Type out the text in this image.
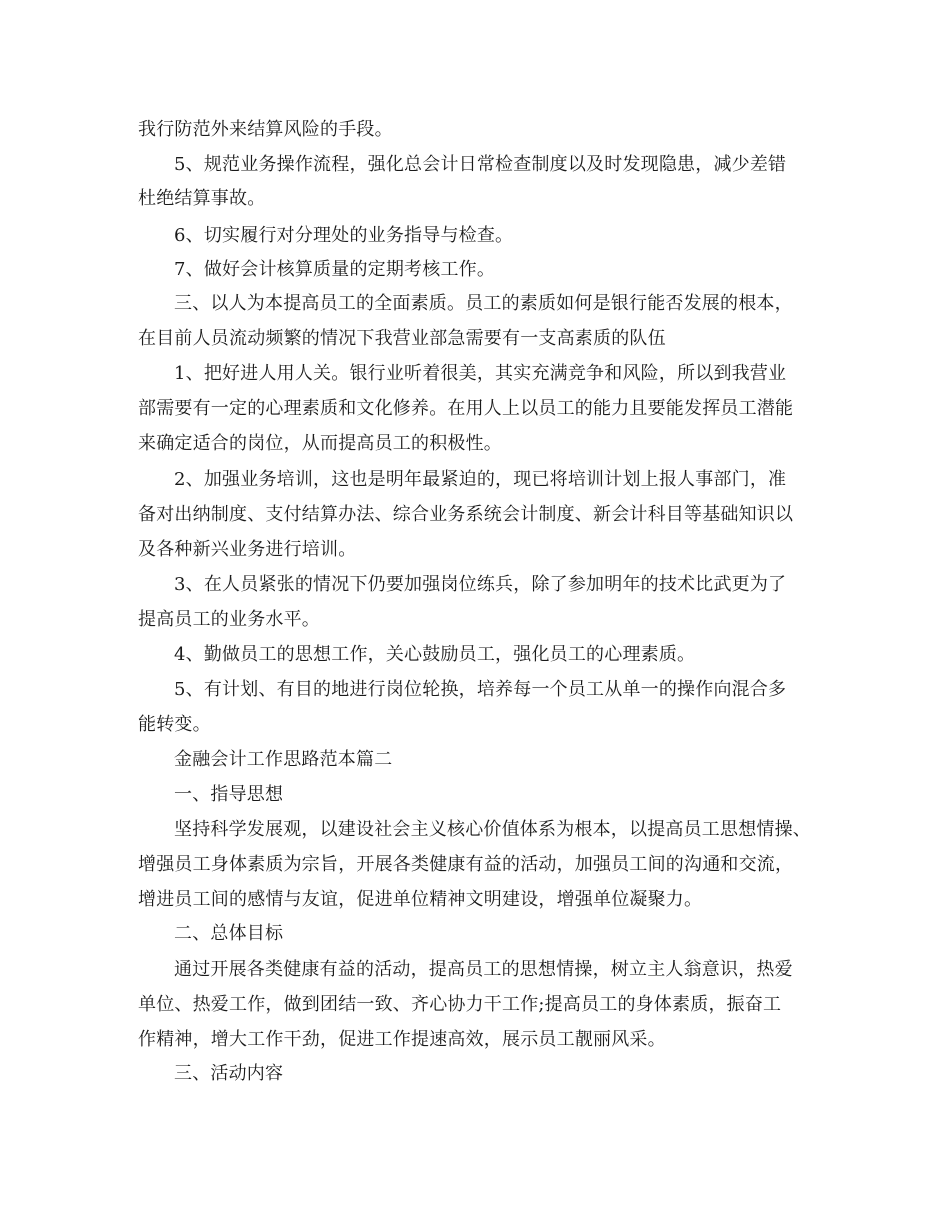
我行防范外来结算风险的手段。
5、规范业务操作流程，强化总会计日常检查制度以及时发现隐患，减少差错
杜绝结算事故。
6、切实履行对分理处的业务指导与检查。
7、做好会计核算质量的定期考核工作。
三、以人为本提高员工的全面素质。员工的素质如何是银行能否发展的根本，
在目前人员流动频繁的情况下我营业部急需要有一支高素质的队伍
1、把好进人用人关。银行业听着很美，其实充满竞争和风险，所以到我营业
部需要有一定的心理素质和文化修养。在用人上以员工的能力且要能发挥员工潜能
来确定适合的岗位，从而提高员工的积极性。
2、加强业务培训，这也是明年最紧迫的，现已将培训计划上报人事部门，准
备对出纳制度、支付结算办法、综合业务系统会计制度、新会计科目等基础知识以
及各种新兴业务进行培训。
3、在人员紧张的情况下仍要加强岗位练兵，除了参加明年的技术比武更为了
提高员工的业务水平。
4、勤做员工的思想工作，关心鼓励员工，强化员工的心理素质。
5、有计划、有目的地进行岗位轮换，培养每一个员工从单一的操作向混合多
能转变。
金融会计工作思路范本篇二
一、指导思想
坚持科学发展观，以建设社会主义核心价值体系为根本，以提高员工思想情操、
增强员工身体素质为宗旨，开展各类健康有益的活动，加强员工间的沟通和交流，
增进员工间的感情与友谊，促进单位精神文明建设，增强单位凝聚力。
二、总体目标
通过开展各类健康有益的活动，提高员工的思想情操，树立主人翁意识，热爱
单位、热爱工作，做到团结一致、齐心协力干工作;提高员工的身体素质，振奋工
作精神，增大工作干劲，促进工作提速高效，展示员工靓丽风采。
三、活动内容
